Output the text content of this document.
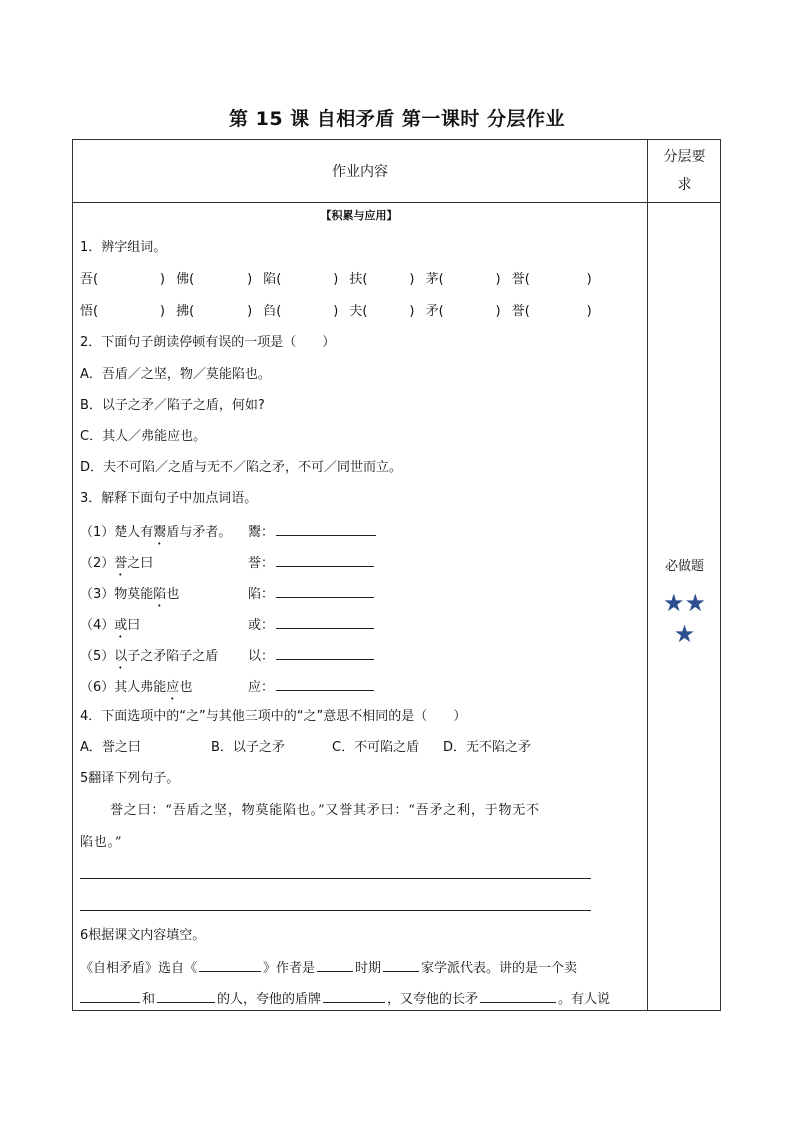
第 15 课 自相矛盾 第一课时 分层作业
作业内容
分层要
求
必做题
★★
★
【积累与应用】
1．辨字组词。
吾(	) 佛(	) 陷(	) 扶(	) 茅(	) 誉(	)
悟(	) 拂(	) 臽(	) 夫(	) 矛(	) 誉(	)
2．下面句子朗读停顿有误的一项是（　　）
A．吾盾／之坚，物／莫能陷也。
B．以子之矛／陷子之盾，何如?
C．其人／弗能应也。
D．夫不可陷／之盾与无不／陷之矛，不可／同世而立。
3．解释下面句子中加点词语。
（1）楚人有鬻盾与矛者。 鬻：
（2）誉之曰	誉：
（3）物莫能陷也	陷：
（4）或曰	或：
（5）以子之矛陷子之盾 以：
（6）其人弗能应也	应：
4．下面选项中的“之”与其他三项中的“之”意思不相同的是（　　）
A．誉之曰	B．以子之矛	C．不可陷之盾 D．无不陷之矛
5翻译下列句子。
誉之曰：“吾盾之坚，物莫能陷也。”又誉其矛曰：“吾矛之利，于物无不
陷也。”
6根据课文内容填空。
《自相矛盾》选自《	》作者是	时期	家学派代表。讲的是一个卖
和	的人，夸他的盾牌	，又夸他的长矛	。有人说
